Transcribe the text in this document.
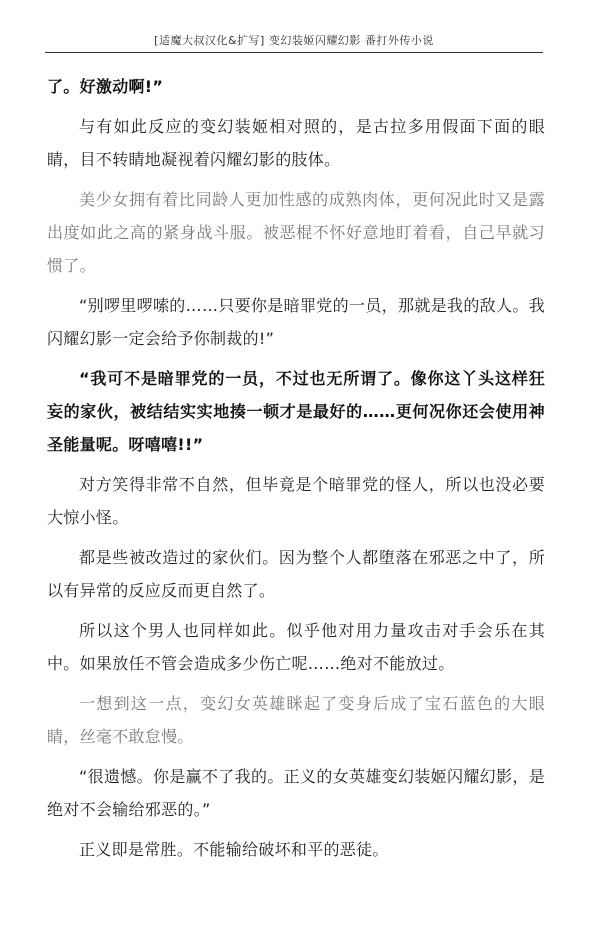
[适魔大叔汉化&扩写] 变幻装姬闪耀幻影 番打外传小说

了。好激动啊!”

与有如此反应的变幻装姬相对照的，是古拉多用假面下面的眼睛，目不转睛地凝视着闪耀幻影的肢体。

美少女拥有着比同龄人更加性感的成熟肉体，更何况此时又是露出度如此之高的紧身战斗服。被恶棍不怀好意地盯着看，自己早就习惯了。

“别啰里啰嗦的……只要你是暗罪党的一员，那就是我的敌人。我闪耀幻影一定会给予你制裁的!”

“我可不是暗罪党的一员，不过也无所谓了。像你这丫头这样狂妄的家伙，被结结实实地揍一顿才是最好的……更何况你还会使用神圣能量呢。呀嘻嘻!!”

对方笑得非常不自然，但毕竟是个暗罪党的怪人，所以也没必要大惊小怪。

都是些被改造过的家伙们。因为整个人都堕落在邪恶之中了，所以有异常的反应反而更自然了。

所以这个男人也同样如此。似乎他对用力量攻击对手会乐在其中。如果放任不管会造成多少伤亡呢……绝对不能放过。

一想到这一点，变幻女英雄眯起了变身后成了宝石蓝色的大眼睛，丝毫不敢怠慢。

“很遗憾。你是赢不了我的。正义的女英雄变幻装姬闪耀幻影，是绝对不会输给邪恶的。”

正义即是常胜。不能输给破坏和平的恶徒。
